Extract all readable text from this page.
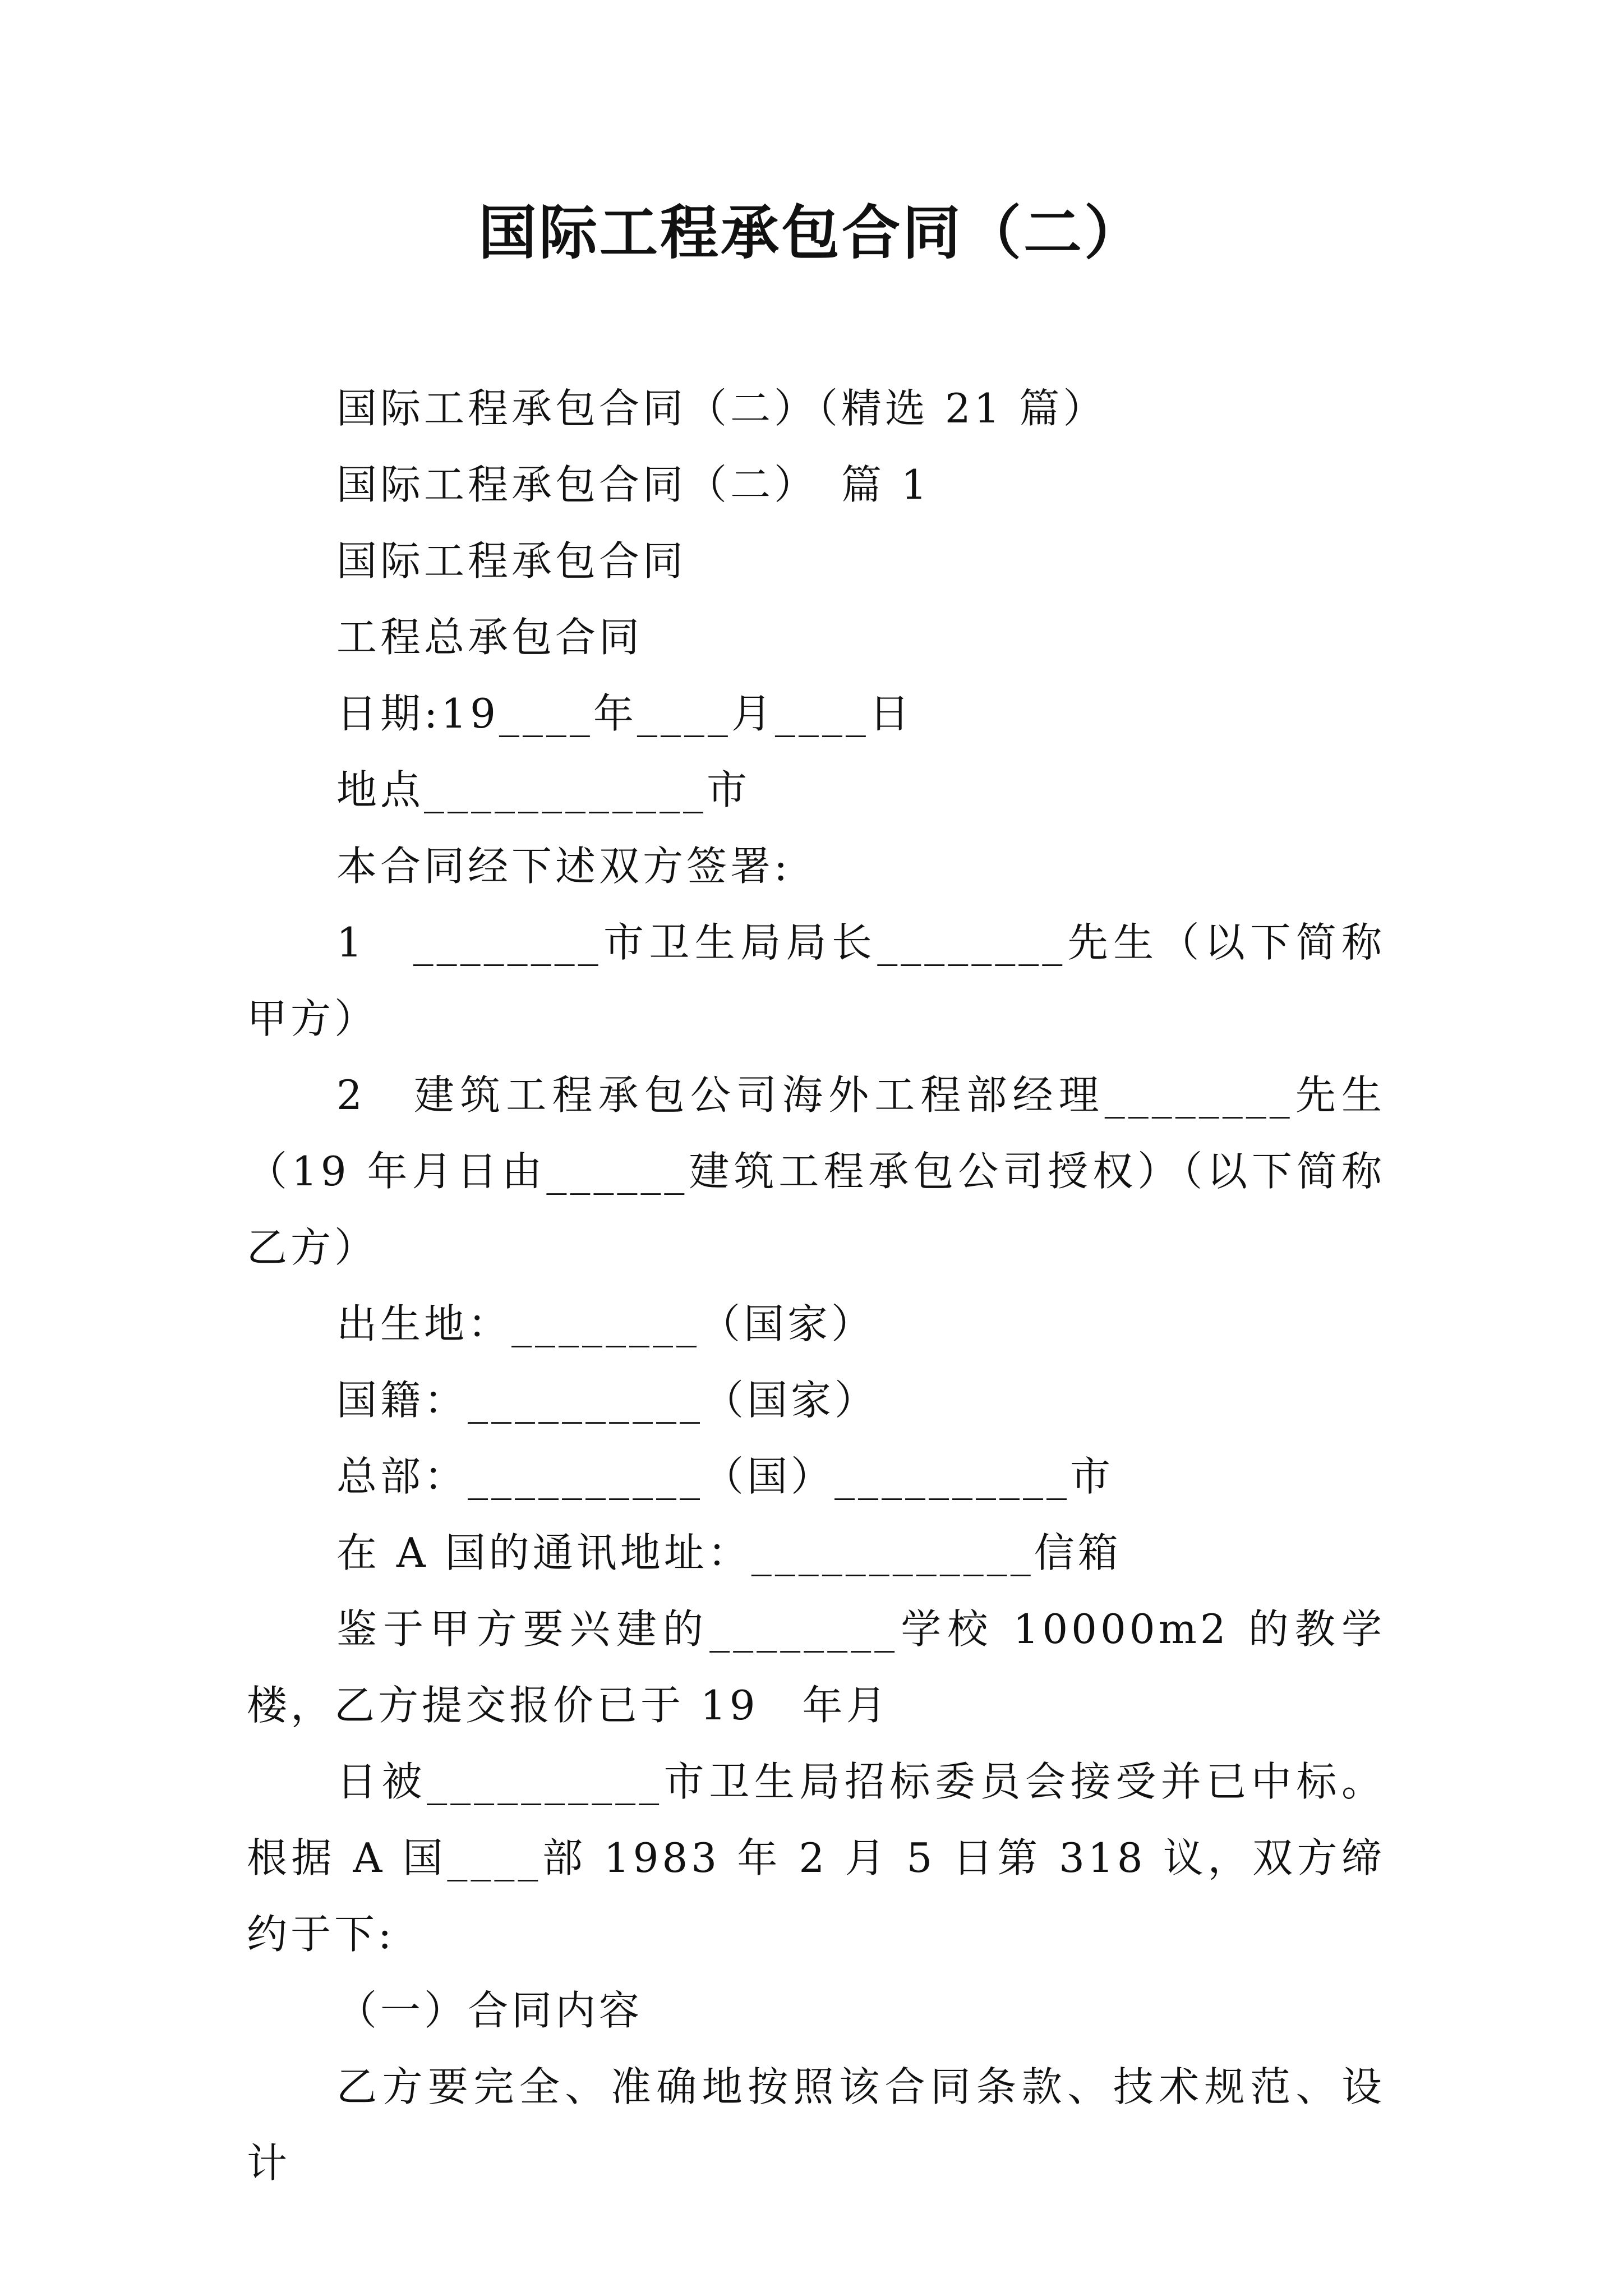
国际工程承包合同（二）

国际工程承包合同（二）（精选 21 篇）

国际工程承包合同（二）　篇 1

国际工程承包合同

工程总承包合同

日期:19____年____月____日

地点____________市

本合同经下述双方签署:

1　________市卫生局局长________先生（以下简称甲方）

2　建筑工程承包公司海外工程部经理________先生（19 年月日由______建筑工程承包公司授权）（以下简称乙方）

出生地：________（国家）

国籍：__________（国家）

总部：__________（国）__________市

在 A 国的通讯地址：____________信箱

鉴于甲方要兴建的________学校 10000m2 的教学楼，乙方提交报价已于 19　年月

日被__________市卫生局招标委员会接受并已中标。根据 A 国____部 1983 年 2 月 5 日第 318 议，双方缔约于下:

（一）合同内容

乙方要完全、准确地按照该合同条款、技术规范、设计
